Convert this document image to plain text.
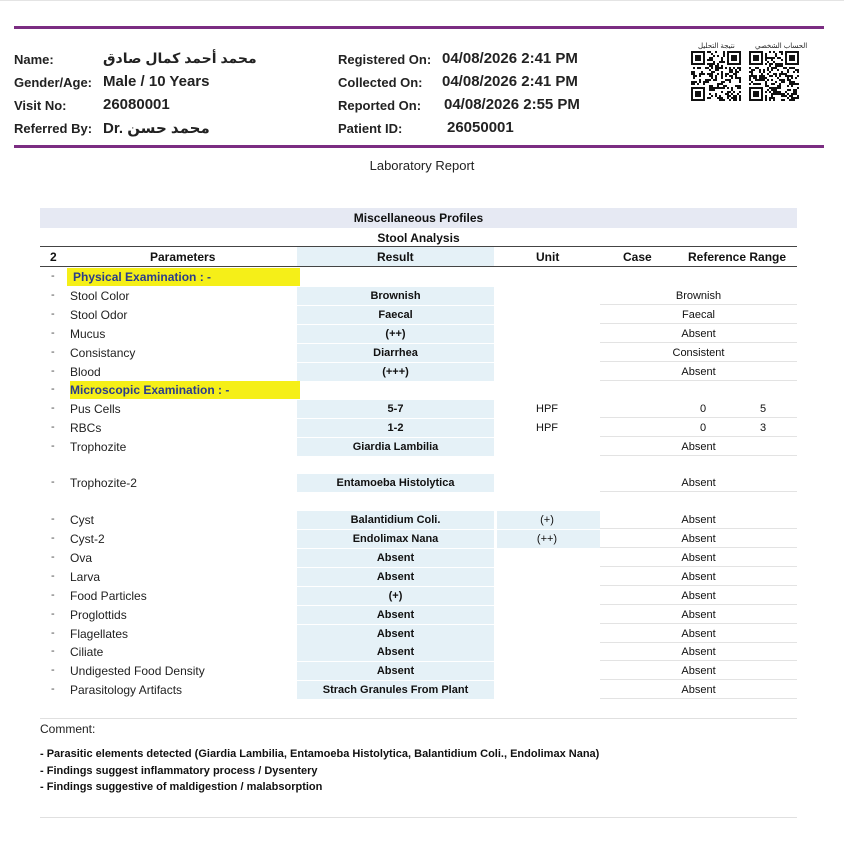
Name:	محمد أحمد كمال صادق
Gender/Age: Male / 10 Years
Visit No: 26080001
Referred By: Dr. محمد حسن
Registered On: 04/08/2026 2:41 PM
Collected On: 04/08/2026 2:41 PM
Reported On: 04/08/2026 2:55 PM
Patient ID:	26050001
نتيجة التحليل	الحساب الشخصي
Laboratory Report
Miscellaneous Profiles
Stool Analysis
2	Parameters	Result	Unit	Case	Reference Range
- Physical Examination : -
- Microscopic Examination : -
- Stool Color	Brownish	Brownish
- Stool Odor	Faecal	Faecal
- Mucus	(++)	Absent
- Consistancy	Diarrhea	Consistent
- Blood	(+++)	Absent
- Pus Cells	5-7	HPF	0	5
- RBCs	1-2	HPF	0	3
- Trophozite	Giardia Lambilia	Absent
- Trophozite-2	Entamoeba Histolytica	Absent
- Cyst	Balantidium Coli.	(+)	Absent
- Cyst-2	Endolimax Nana	(++)	Absent
- Ova	Absent	Absent
- Larva	Absent	Absent
- Food Particles	(+)	Absent
- Proglottids	Absent	Absent
- Flagellates	Absent	Absent
- Ciliate	Absent	Absent
- Undigested Food Density	Absent	Absent
- Parasitology Artifacts	Strach Granules From Plant	Absent
Comment:
- Parasitic elements detected (Giardia Lambilia, Entamoeba Histolytica, Balantidium Coli., Endolimax Nana)
- Findings suggest inflammatory process / Dysentery
- Findings suggestive of maldigestion / malabsorption
